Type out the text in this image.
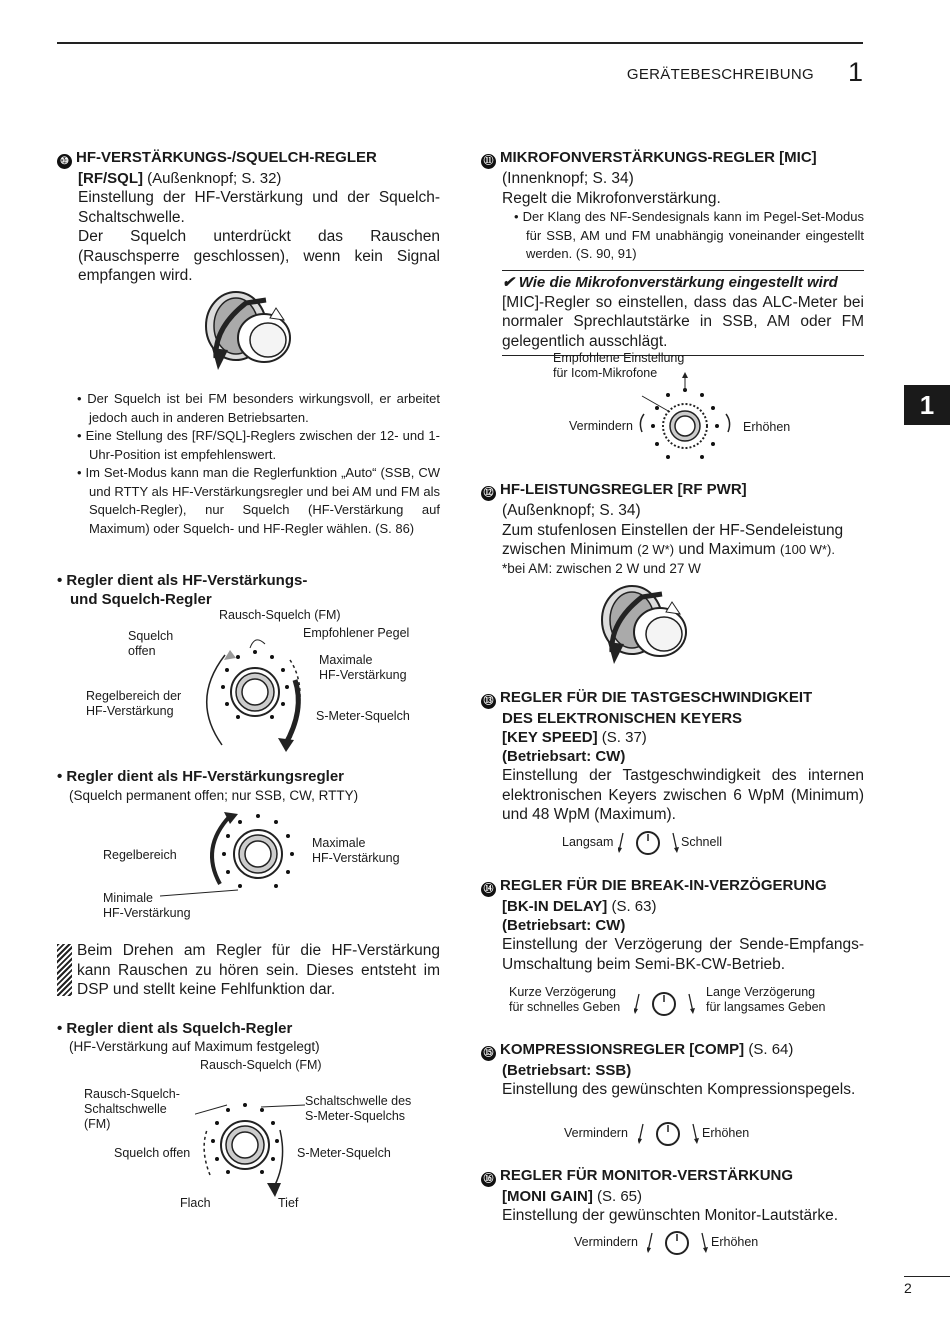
GERÄTEBESCHREIBUNG 1
1
2
⑩ HF-VERSTÄRKUNGS-/SQUELCH-REGLER
[RF/SQL] (Außenknopf; S. 32)

Einstellung der HF-Verstärkung und der Squelch-Schaltschwelle.

Der Squelch unterdrückt das Rauschen (Rauschsperre geschlossen), wenn kein Signal empfangen wird.

• Der Squelch ist bei FM besonders wirkungsvoll, er arbeitet jedoch auch in anderen Betriebsarten.
• Eine Stellung des [RF/SQL]-Reglers zwischen der 12- und 1-Uhr-Position ist empfehlenswert.
• Im Set-Modus kann man die Reglerfunktion „Auto“ (SSB, CW und RTTY als HF-Verstärkungsregler und bei AM und FM als Squelch-Regler), nur Squelch (HF-Verstärkung auf Maximum) oder Squelch- und HF-Regler wählen. (S. 86)
• Regler dient als HF-Verstärkungs-
und Squelch-Regler
Rausch-Squelch (FM)
Squelch
offen
Empfohlener Pegel
Maximale
HF-Verstärkung
Regelbereich der
HF-Verstärkung	S-Meter-Squelch
• Regler dient als HF-Verstärkungsregler
(Squelch permanent offen; nur SSB, CW, RTTY)
Regelbereich
Maximale
HF-Verstärkung
Minimale
HF-Verstärkung
Beim Drehen am Regler für die HF-Verstärkung kann Rauschen zu hören sein. Dieses entsteht im DSP und stellt keine Fehlfunktion dar.
• Regler dient als Squelch-Regler
(HF-Verstärkung auf Maximum festgelegt)
Rausch-Squelch (FM)
Rausch-Squelch-
Schaltschwelle
(FM)
Schaltschwelle des
S-Meter-Squelchs
Squelch offen	S-Meter-Squelch
Flach	Tief
⑪ MIKROFONVERSTÄRKUNGS-REGLER [MIC]
(Innenknopf; S. 34)
Regelt die Mikrofonverstärkung.
• Der Klang des NF-Sendesignals kann im Pegel-Set-Modus für SSB, AM und FM unabhängig voneinander eingestellt werden. (S. 90, 91)
✔ Wie die Mikrofonverstärkung eingestellt wird
[MIC]-Regler so einstellen, dass das ALC-Meter bei normaler Sprechlautstärke in SSB, AM oder FM gelegentlich ausschlägt.
Empfohlene Einstellung
für Icom-Mikrofone
Vermindern	Erhöhen
⑫ HF-LEISTUNGSREGLER [RF PWR]
(Außenknopf; S. 34)
Zum stufenlosen Einstellen der HF-Sendeleistung
zwischen Minimum (2 W*) und Maximum (100 W*).
*bei AM: zwischen 2 W und 27 W
⑬ REGLER FÜR DIE TASTGESCHWINDIGKEIT
DES ELEKTRONISCHEN KEYERS
[KEY SPEED] (S. 37)
(Betriebsart: CW)
Einstellung der Tastgeschwindigkeit des internen elektronischen Keyers zwischen 6 WpM (Minimum) und 48 WpM (Maximum).
Langsam	Schnell
⑭ REGLER FÜR DIE BREAK-IN-VERZÖGERUNG
[BK-IN DELAY] (S. 63)
(Betriebsart: CW)
Einstellung der Verzögerung der Sende-Empfangs-Umschaltung beim Semi-BK-CW-Betrieb.
Kurze Verzögerung
für schnelles Geben
Lange Verzögerung
für langsames Geben
⑮ KOMPRESSIONSREGLER [COMP] (S. 64)
(Betriebsart: SSB)
Einstellung des gewünschten Kompressionspegels.
Vermindern	Erhöhen
⑯ REGLER FÜR MONITOR-VERSTÄRKUNG
[MONI GAIN] (S. 65)
Einstellung der gewünschten Monitor-Lautstärke.
Vermindern	Erhöhen
